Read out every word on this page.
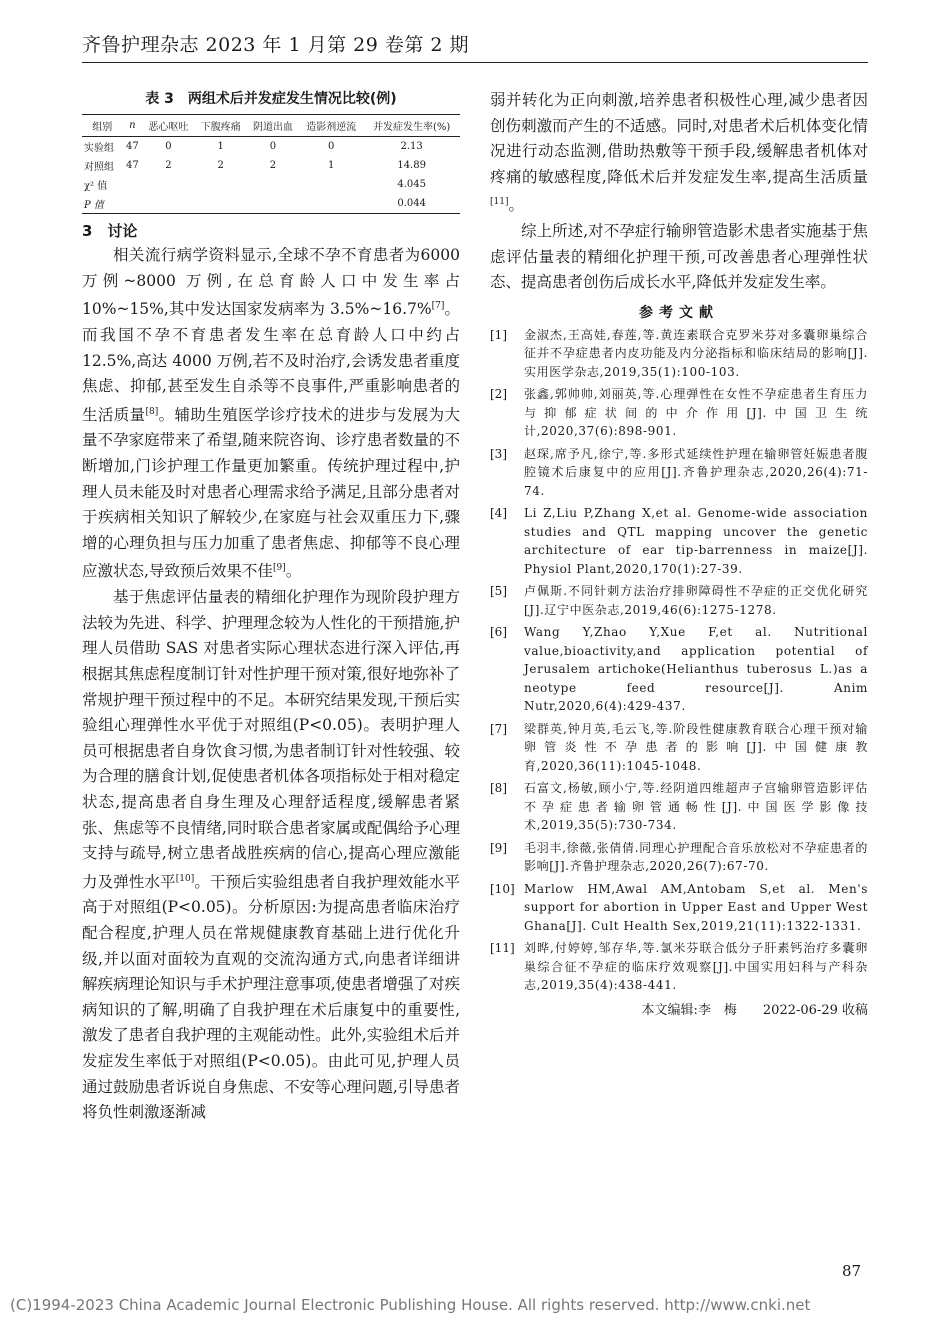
齐鲁护理杂志 2023 年 1 月第 29 卷第 2 期
表 3　两组术后并发症发生情况比较(例)
组别	n	恶心呕吐	下腹疼痛	阴道出血	造影剂逆流	并发症发生率(%)
实验组	47	0	1	0	0	2.13
对照组	47	2	2	2	1	14.89
χ² 值						4.045
P 值						0.044
3　讨论

相关流行病学资料显示,全球不孕不育患者为6000 万例~8000 万例,在总育龄人口中发生率占 10%~15%,其中发达国家发病率为 3.5%~16.7%[7]。而我国不孕不育患者发生率在总育龄人口中约占 12.5%,高达 4000 万例,若不及时治疗,会诱发患者重度焦虑、抑郁,甚至发生自杀等不良事件,严重影响患者的生活质量[8]。辅助生殖医学诊疗技术的进步与发展为大量不孕家庭带来了希望,随来院咨询、诊疗患者数量的不断增加,门诊护理工作量更加繁重。传统护理过程中,护理人员未能及时对患者心理需求给予满足,且部分患者对于疾病相关知识了解较少,在家庭与社会双重压力下,骤增的心理负担与压力加重了患者焦虑、抑郁等不良心理应激状态,导致预后效果不佳[9]。

基于焦虑评估量表的精细化护理作为现阶段护理方法较为先进、科学、护理理念较为人性化的干预措施,护理人员借助 SAS 对患者实际心理状态进行深入评估,再根据其焦虑程度制订针对性护理干预对策,很好地弥补了常规护理干预过程中的不足。本研究结果发现,干预后实验组心理弹性水平优于对照组(P<0.05)。表明护理人员可根据患者自身饮食习惯,为患者制订针对性较强、较为合理的膳食计划,促使患者机体各项指标处于相对稳定状态,提高患者自身生理及心理舒适程度,缓解患者紧张、焦虑等不良情绪,同时联合患者家属或配偶给予心理支持与疏导,树立患者战胜疾病的信心,提高心理应激能力及弹性水平[10]。干预后实验组患者自我护理效能水平高于对照组(P<0.05)。分析原因:为提高患者临床治疗配合程度,护理人员在常规健康教育基础上进行优化升级,并以面对面较为直观的交流沟通方式,向患者详细讲解疾病理论知识与手术护理注意事项,使患者增强了对疾病知识的了解,明确了自我护理在术后康复中的重要性,激发了患者自我护理的主观能动性。此外,实验组术后并发症发生率低于对照组(P<0.05)。由此可见,护理人员通过鼓励患者诉说自身焦虑、不安等心理问题,引导患者将负性刺激逐渐减

弱并转化为正向刺激,培养患者积极性心理,减少患者因创伤刺激而产生的不适感。同时,对患者术后机体变化情况进行动态监测,借助热敷等干预手段,缓解患者机体对疼痛的敏感程度,降低术后并发症发生率,提高生活质量[11]。

综上所述,对不孕症行输卵管造影术患者实施基于焦虑评估量表的精细化护理干预,可改善患者心理弹性状态、提高患者创伤后成长水平,降低并发症发生率。

参考文献
[1]	金淑杰,王高娃,春莲,等.黄连素联合克罗米芬对多囊卵巢综合征并不孕症患者内皮功能及内分泌指标和临床结局的影响[J].实用医学杂志,2019,35(1):100-103.
[2]	张鑫,郭帅帅,刘丽英,等.心理弹性在女性不孕症患者生育压力与抑郁症状间的中介作用[J].中国卫生统计,2020,37(6):898-901.
[3]	赵琛,席予凡,徐宁,等.多形式延续性护理在输卵管妊娠患者腹腔镜术后康复中的应用[J].齐鲁护理杂志,2020,26(4):71-74.
[4]	Li Z,Liu P,Zhang X,et al. Genome-wide association studies and QTL mapping uncover the genetic architecture of ear tip-barrenness in maize[J]. Physiol Plant,2020,170(1):27-39.
[5]	卢佩斯.不同针刺方法治疗排卵障碍性不孕症的正交优化研究[J].辽宁中医杂志,2019,46(6):1275-1278.
[6]	Wang Y,Zhao Y,Xue F,et al. Nutritional value,bioactivity,and application potential of Jerusalem artichoke(Helianthus tuberosus L.)as a neotype feed resource[J]. Anim Nutr,2020,6(4):429-437.
[7]	梁群英,钟月英,毛云飞,等.阶段性健康教育联合心理干预对输卵管炎性不孕患者的影响[J].中国健康教育,2020,36(11):1045-1048.
[8]	石富文,杨敏,顾小宁,等.经阴道四维超声子宫输卵管造影评估不孕症患者输卵管通畅性[J].中国医学影像技术,2019,35(5):730-734.
[9]	毛羽丰,徐薇,张倩倩.同理心护理配合音乐放松对不孕症患者的影响[J].齐鲁护理杂志,2020,26(7):67-70.
[10] Marlow HM,Awal AM,Antobam S,et al. Men's support for abortion in Upper East and Upper West Ghana[J]. Cult Health Sex,2019,21(11):1322-1331.
[11] 刘晔,付婷婷,邹存华,等.氯米芬联合低分子肝素钙治疗多囊卵巢综合征不孕症的临床疗效观察[J].中国实用妇科与产科杂志,2019,35(4):438-441.
本文编辑:李　梅　　2022-06-29 收稿
87
(C)1994-2023 China Academic Journal Electronic Publishing House. All rights reserved. http://www.cnki.net
